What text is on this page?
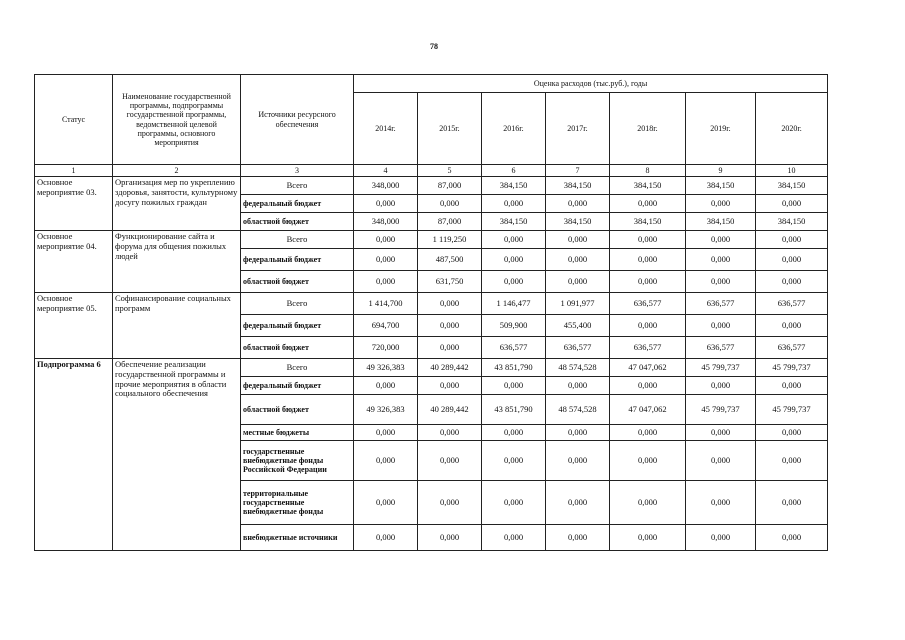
78
Статус	Наименование государственной программы, подпрограммы государственной программы, ведомственной целевой программы, основного мероприятия	Источники ресурсного обеспечения	Оценка расходов (тыс.руб.), годы						
			2014г.	2015г.	2016г.	2017г.	2018г.	2019г.	2020г.
1	2	3	4	5	6	7	8	9	10
Основное мероприятие 03.	Организация мер по укреплению здоровья, занятости, культурному досугу пожилых граждан	Всего	348,000	87,000	384,150	384,150	384,150	384,150	384,150
		федеральный бюджет	0,000	0,000	0,000	0,000	0,000	0,000	0,000
		областной бюджет	348,000	87,000	384,150	384,150	384,150	384,150	384,150
Основное мероприятие 04.	Функционирование сайта и форума для общения пожилых людей	Всего	0,000	1 119,250	0,000	0,000	0,000	0,000	0,000
		федеральный бюджет	0,000	487,500	0,000	0,000	0,000	0,000	0,000
		областной бюджет	0,000	631,750	0,000	0,000	0,000	0,000	0,000
Основное мероприятие 05.	Софинансирование социальных программ	Всего	1 414,700	0,000	1 146,477	1 091,977	636,577	636,577	636,577
		федеральный бюджет	694,700	0,000	509,900	455,400	0,000	0,000	0,000
		областной бюджет	720,000	0,000	636,577	636,577	636,577	636,577	636,577
Подпрограмма 6	Обеспечение реализации государственной программы и прочие мероприятия в области социального обеспечения	Всего	49 326,383	40 289,442	43 851,790	48 574,528	47 047,062	45 799,737	45 799,737
		федеральный бюджет	0,000	0,000	0,000	0,000	0,000	0,000	0,000
		областной бюджет	49 326,383	40 289,442	43 851,790	48 574,528	47 047,062	45 799,737	45 799,737
		местные бюджеты	0,000	0,000	0,000	0,000	0,000	0,000	0,000
		государственные внебюджетные фонды Российской Федерации	0,000	0,000	0,000	0,000	0,000	0,000	0,000
		территориальные государственные внебюджетные фонды	0,000	0,000	0,000	0,000	0,000	0,000	0,000
		внебюджетные источники	0,000	0,000	0,000	0,000	0,000	0,000	0,000
